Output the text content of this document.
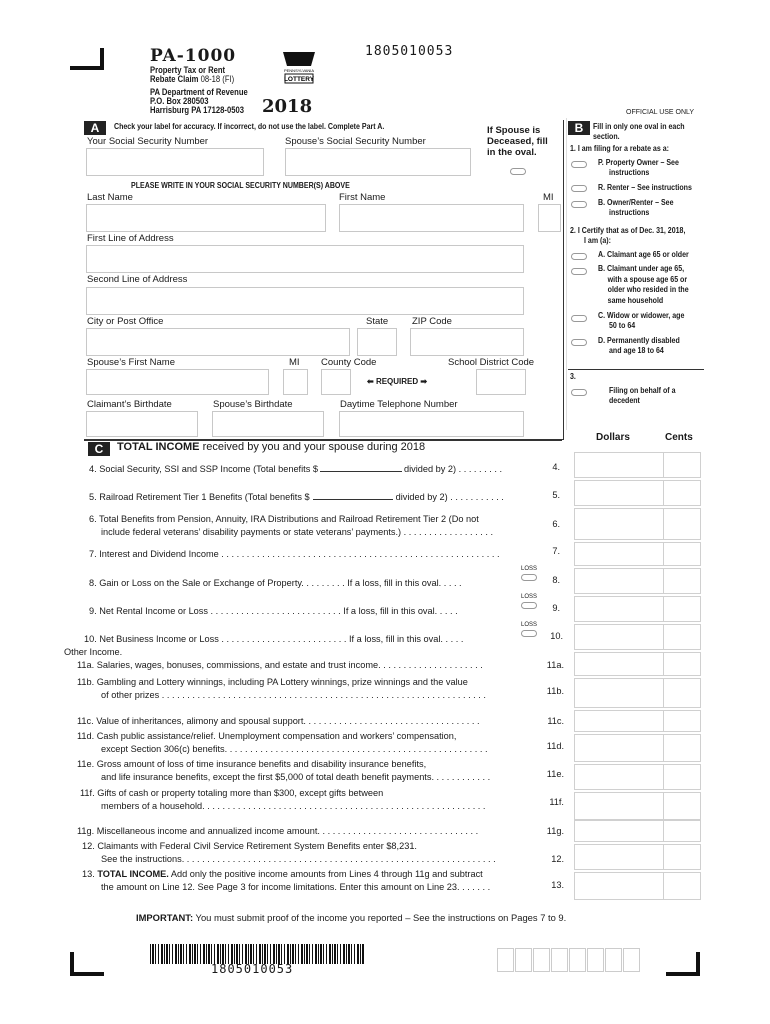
PA-1000
Property Tax or Rent
Rebate Claim 08-18 (FI)
PA Department of Revenue
P.O. Box 280503
Harrisburg PA 17128-0503
PENNSYLVANIA
LOTTERY
2018
1805010053
OFFICIAL USE ONLY
A	Check your label for accuracy. If incorrect, do not use the label. Complete Part A.
Your Social Security Number	Spouse’s Social Security Number
If Spouse is
Deceased, fill
in the oval.
PLEASE WRITE IN YOUR SOCIAL SECURITY NUMBER(S) ABOVE
Last Name	First Name	MI
First Line of Address
Second Line of Address
City or Post Office	State	ZIP Code
Spouse’s First Name	MI County Code	School District Code
⬅ REQUIRED ➡
Claimant’s Birthdate	Spouse’s Birthdate	Daytime Telephone Number
B	Fill in only one oval in each
section.
1. I am filing for a rebate as a:
P. Property Owner – See
instructions
R. Renter – See instructions
B. Owner/Renter – See
instructions
2. I Certify that as of Dec. 31, 2018,
I am (a):
A. Claimant age 65 or older
B. Claimant under age 65,
with a spouse age 65 or
older who resided in the
same household
C. Widow or widower, age
50 to 64
D. Permanently disabled
and age 18 to 64
3.
Filing on behalf of a
decedent
C	TOTAL INCOME received by you and your spouse during 2018
Dollars	Cents
4. Social Security, SSI and SSP Income (Total benefits $	divided by 2) . . . . . . . . .	4.
5. Railroad Retirement Tier 1 Benefits (Total benefits $	divided by 2) . . . . . . . . . . .	5.
6. Total Benefits from Pension, Annuity, IRA Distributions and Railroad Retirement Tier 2 (Do not
include federal veterans’ disability payments or state veterans’ payments.) . . . . . . . . . . . . . . . . . .
6.
7. Interest and Dividend Income . . . . . . . . . . . . . . . . . . . . . . . . . . . . . . . . . . . . . . . . . . . . . . . . . . . . . . .	7.
LOSS
8. Gain or Loss on the Sale or Exchange of Property. . . . . . . . . If a loss, fill in this oval. . . . .	8.
LOSS
9. Net Rental Income or Loss . . . . . . . . . . . . . . . . . . . . . . . . . . If a loss, fill in this oval. . . . .	9.
LOSS
10. Net Business Income or Loss . . . . . . . . . . . . . . . . . . . . . . . . . If a loss, fill in this oval. . . . .	10.
Other Income.
11a. Salaries, wages, bonuses, commissions, and estate and trust income. . . . . . . . . . . . . . . . . . . . .	11a.
11b. Gambling and Lottery winnings, including PA Lottery winnings, prize winnings and the value
of other prizes . . . . . . . . . . . . . . . . . . . . . . . . . . . . . . . . . . . . . . . . . . . . . . . . . . . . . . . . . . . . . . . .	11b.
11c. Value of inheritances, alimony and spousal support. . . . . . . . . . . . . . . . . . . . . . . . . . . . . . . . . . .	11c.
11d. Cash public assistance/relief. Unemployment compensation and workers’ compensation,
except Section 306(c) benefits. . . . . . . . . . . . . . . . . . . . . . . . . . . . . . . . . . . . . . . . . . . . . . . . . . . .	11d.
11e. Gross amount of loss of time insurance benefits and disability insurance benefits,
and life insurance benefits, except the first $5,000 of total death benefit payments. . . . . . . . . . . .	11e.
11f. Gifts of cash or property totaling more than $300, except gifts between
members of a household. . . . . . . . . . . . . . . . . . . . . . . . . . . . . . . . . . . . . . . . . . . . . . . . . . . . . . . .	11f.
11g. Miscellaneous income and annualized income amount. . . . . . . . . . . . . . . . . . . . . . . . . . . . . . . .	11g.
12. Claimants with Federal Civil Service Retirement System Benefits enter $8,231.
See the instructions. . . . . . . . . . . . . . . . . . . . . . . . . . . . . . . . . . . . . . . . . . . . . . . . . . . . . . . . . . . . . .	12.
13. TOTAL INCOME. Add only the positive income amounts from Lines 4 through 11g and subtract
the amount on Line 12. See Page 3 for income limitations. Enter this amount on Line 23. . . . . . .	13.
IMPORTANT: You must submit proof of the income you reported – See the instructions on Pages 7 to 9.
1805010053
